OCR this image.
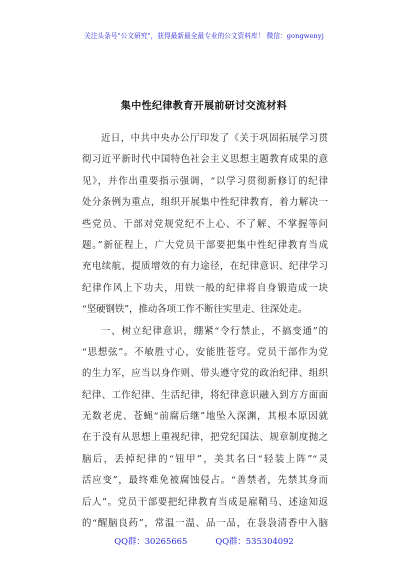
关注头条号"公文研究"，获得最新最全最专业的公文资料库！ 微信：gongwenyj
集中性纪律教育开展前研讨交流材料
近日，中共中央办公厅印发了《关于巩固拓展学习贯
彻习近平新时代中国特色社会主义思想主题教育成果的意
见》，并作出重要指示强调，“以学习贯彻新修订的纪律
处分条例为重点，组织开展集中性纪律教育，着力解决一
些党员、干部对党规党纪不上心、不了解、不掌握等问
题。”新征程上，广大党员干部要把集中性纪律教育当成
充电续航、提质增效的有力途径，在纪律意识、纪律学习
纪律作风上下功夫，用铁一般的纪律将自身锻造成一块
“坚硬钢铁”，推动各项工作不断往实里走、往深处走。
一、树立纪律意识，绷紧“令行禁止，不搞变通”的
“思想弦”。不敏胜寸心，安能胜苍穹。党员干部作为党
的生力军，应当以身作则、带头遵守党的政治纪律、组织
纪律、工作纪律、生活纪律，将纪律意识融入到方方面面
无数老虎、苍蝇“前腐后继”地坠入深渊，其根本原因就
在于没有从思想上重视纪律，把党纪国法、规章制度抛之
脑后，丢掉纪律的“钮甲”，美其名曰“轻装上阵”“灵
活应变”，最终难免被腐蚀侵占。“善禁者，先禁其身而
后人”。党员干部要把纪律教育当成是雇鞘马、述途知返
的“醒脑良药”，常温一温、品一品，在袅袅清香中入脑
QQ群：30265665	QQ群：535304092
